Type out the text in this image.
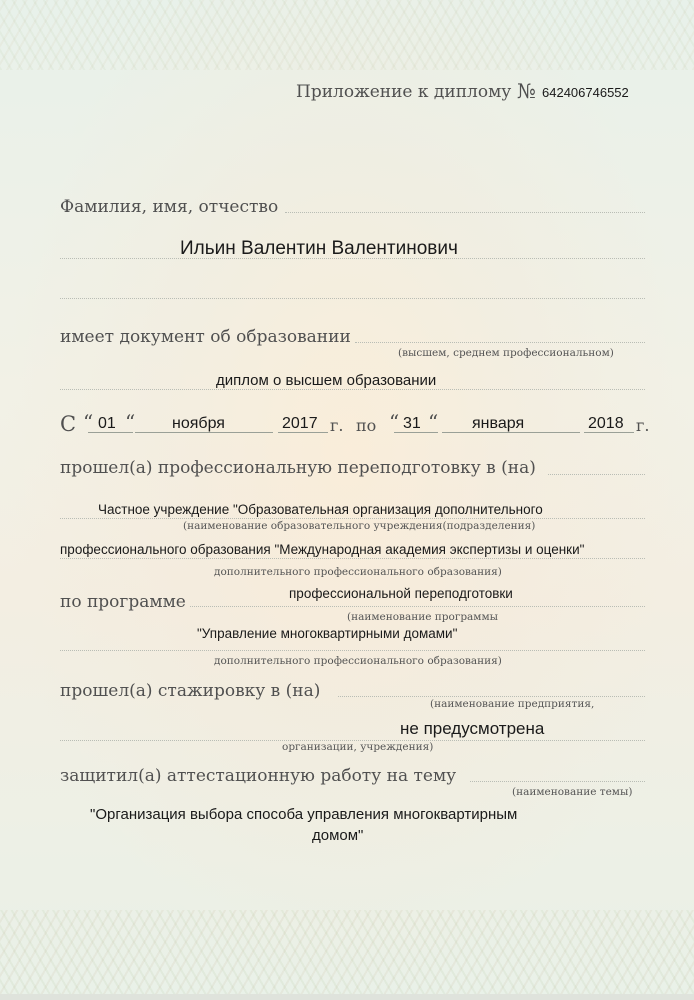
Приложение к диплому № 642406746552
Фамилия, имя, отчество
Ильин Валентин Валентинович
имеет документ об образовании
(высшем, среднем профессиональном)
диплом о высшем образовании
С “ 01 “ ноября	2017 г. по “ 31 “ января	2018 г.
прошел(а) профессиональную переподготовку в (на)
Частное учреждение "Образовательная организация дополнительного
(наименование образовательного учреждения(подразделения)
профессионального образования "Международная академия экспертизы и оценки"
дополнительного профессионального образования)
по программе	профессиональной переподготовки
(наименование программы
"Управление многоквартирными домами"
дополнительного профессионального образования)
прошел(а) стажировку в (на)
(наименование предприятия,
не предусмотрена
организации, учреждения)
защитил(а) аттестационную работу на тему
(наименование темы)
"Организация выбора способа управления многоквартирным
домом"
